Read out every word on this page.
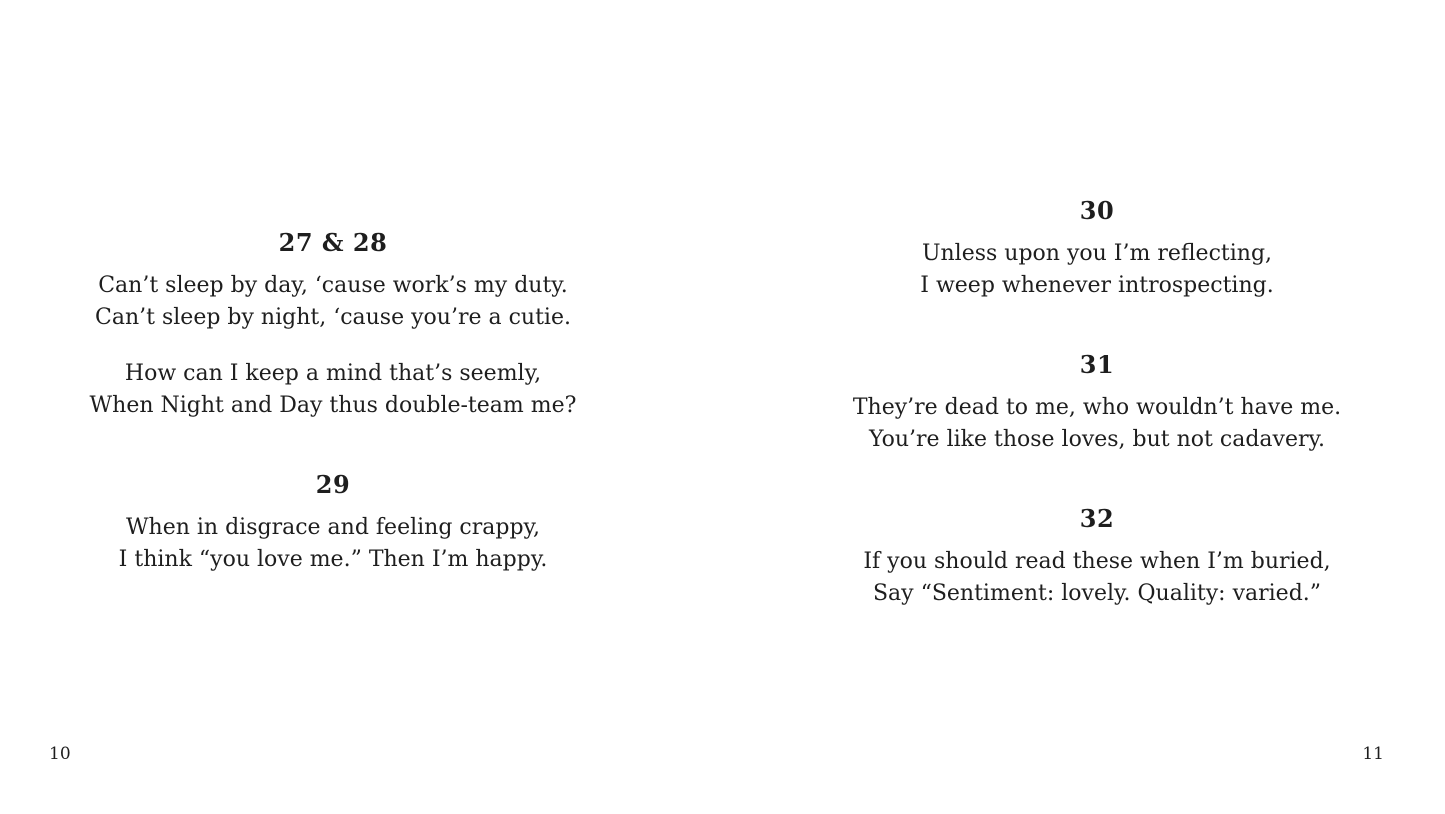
27 & 28
Can’t sleep by day, ‘cause work’s my duty.
Can’t sleep by night, ‘cause you’re a cutie.
How can I keep a mind that’s seemly,
When Night and Day thus double-team me?
29
When in disgrace and feeling crappy,
I think “you love me.” Then I’m happy.
30
Unless upon you I’m reflecting,
I weep whenever introspecting.
31
They’re dead to me, who wouldn’t have me.
You’re like those loves, but not cadavery.
32
If you should read these when I’m buried,
Say “Sentiment: lovely. Quality: varied.”
10	11
